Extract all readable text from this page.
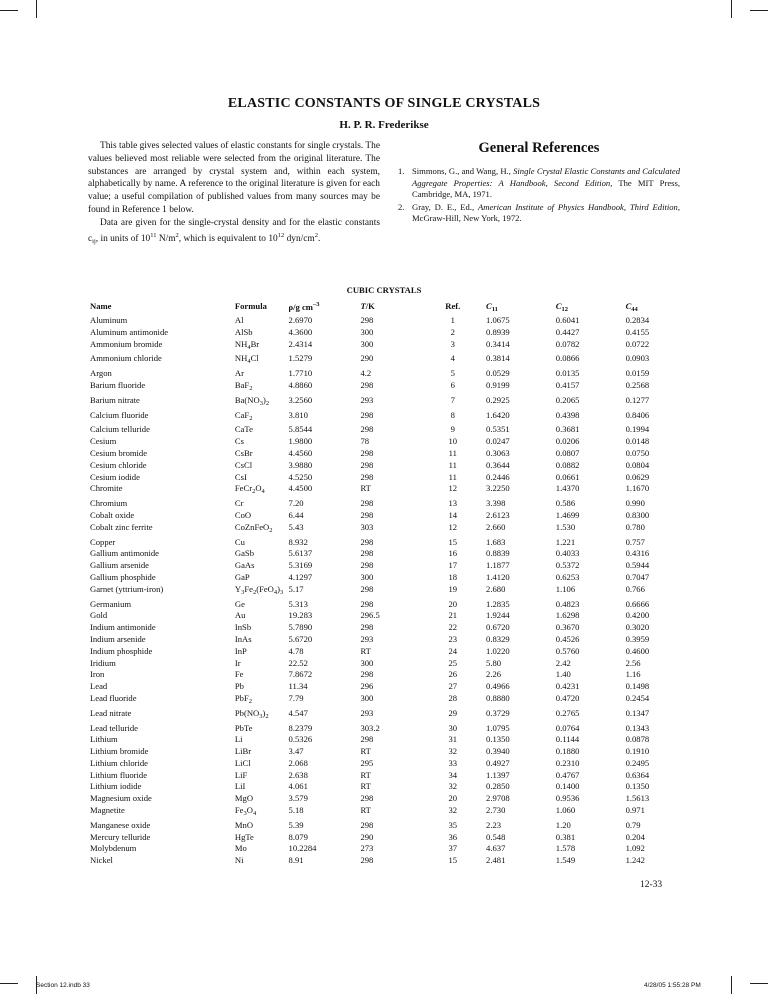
ELASTIC CONSTANTS OF SINGLE CRYSTALS
H. P. R. Frederikse

This table gives selected values of elastic constants for single crystals. The values believed most reliable were selected from the original literature. The substances are arranged by crystal system and, within each system, alphabetically by name. A reference to the original literature is given for each value; a useful compilation of published values from many sources may be found in Reference 1 below.

Data are given for the single-crystal density and for the elastic constants $c_{ij}$, in units of $10^{11}$ $N/m^2$, which is equivalent to $10^{12}$ dyn/$cm^2$.

General References
1. Simmons, G., and Wang, H., Single Crystal Elastic Constants and Calculated Aggregate Properties: A Handbook, Second Edition, The MIT Press, Cambridge, MA, 1971.
2. Gray, D. E., Ed., American Institute of Physics Handbook, Third Edition, McGraw-Hill, New York, 1972.
CUBIC CRYSTALS
Name	Formula	ρ/g $cm^{-3}$	T/K	Ref.	$C_{11}$	$C_{12}$	$C_{44}$
Aluminum	Al	2.6970	298	1	1.0675	0.6041	0.2834
Aluminum antimonide	AlSb	4.3600	300	2	0.8939	0.4427	0.4155
Ammonium bromide	$NH_4Br$	2.4314	300	3	0.3414	0.0782	0.0722
Ammonium chloride	$NH_4Cl$	1.5279	290	4	0.3814	0.0866	0.0903
Argon	Ar	1.7710	4.2	5	0.0529	0.0135	0.0159
Barium fluoride	BaF$_2$	4.8860	298	6	0.9199	0.4157	0.2568
Barium nitrate	$Ba(NO_3)_2$	3.2560	293	7	0.2925	0.2065	0.1277
Calcium fluoride	CaF$_2$	3.810	298	8	1.6420	0.4398	0.8406
Calcium telluride	CaTe	5.8544	298	9	0.5351	0.3681	0.1994
Cesium	Cs	1.9800	78	10	0.0247	0.0206	0.0148
Cesium bromide	CsBr	4.4560	298	11	0.3063	0.0807	0.0750
Cesium chloride	CsCl	3.9880	298	11	0.3644	0.0882	0.0804
Cesium iodide	CsI	4.5250	298	11	0.2446	0.0661	0.0629
Chromite	$FeCr_2O_4$	4.4500	RT	12	3.2250	1.4370	1.1670
Chromium	Cr	7.20	298	13	3.398	0.586	0.990
Cobalt oxide	CoO	6.44	298	14	2.6123	1.4699	0.8300
Cobalt zinc ferrite	CoZnFeO$_2$	5.43	303	12	2.660	1.530	0.780
Copper	Cu	8.932	298	15	1.683	1.221	0.757
Gallium antimonide	GaSb	5.6137	298	16	0.8839	0.4033	0.4316
Gallium arsenide	GaAs	5.3169	298	17	1.1877	0.5372	0.5944
Gallium phosphide	GaP	4.1297	300	18	1.4120	0.6253	0.7047
Garnet (yttrium-iron)	$Y_3Fe_2(FeO_4)_3$	5.17	298	19	2.680	1.106	0.766
Germanium	Ge	5.313	298	20	1.2835	0.4823	0.6666
Gold	Au	19.283	296.5	21	1.9244	1.6298	0.4200
Indium antimonide	InSb	5.7890	298	22	0.6720	0.3670	0.3020
Indium arsenide	InAs	5.6720	293	23	0.8329	0.4526	0.3959
Indium phosphide	InP	4.78	RT	24	1.0220	0.5760	0.4600
Iridium	Ir	22.52	300	25	5.80	2.42	2.56
Iron	Fe	7.8672	298	26	2.26	1.40	1.16
Lead	Pb	11.34	296	27	0.4966	0.4231	0.1498
Lead fluoride	PbF$_2$	7.79	300	28	0.8880	0.4720	0.2454
Lead nitrate	$Pb(NO_3)_2$	4.547	293	29	0.3729	0.2765	0.1347
Lead telluride	PbTe	8.2379	303.2	30	1.0795	0.0764	0.1343
Lithium	Li	0.5326	298	31	0.1350	0.1144	0.0878
Lithium bromide	LiBr	3.47	RT	32	0.3940	0.1880	0.1910
Lithium chloride	LiCl	2.068	295	33	0.4927	0.2310	0.2495
Lithium fluoride	LiF	2.638	RT	34	1.1397	0.4767	0.6364
Lithium iodide	LiI	4.061	RT	32	0.2850	0.1400	0.1350
Magnesium oxide	MgO	3.579	298	20	2.9708	0.9536	1.5613
Magnetite	$Fe_3O_4$	5.18	RT	32	2.730	1.060	0.971
Manganese oxide	MnO	5.39	298	35	2.23	1.20	0.79
Mercury telluride	HgTe	8.079	290	36	0.548	0.381	0.204
Molybdenum	Mo	10.2284	273	37	4.637	1.578	1.092
Nickel	Ni	8.91	298	15	2.481	1.549	1.242
12-33
Section 12.indb 33	4/28/05 1:55:28 PM
